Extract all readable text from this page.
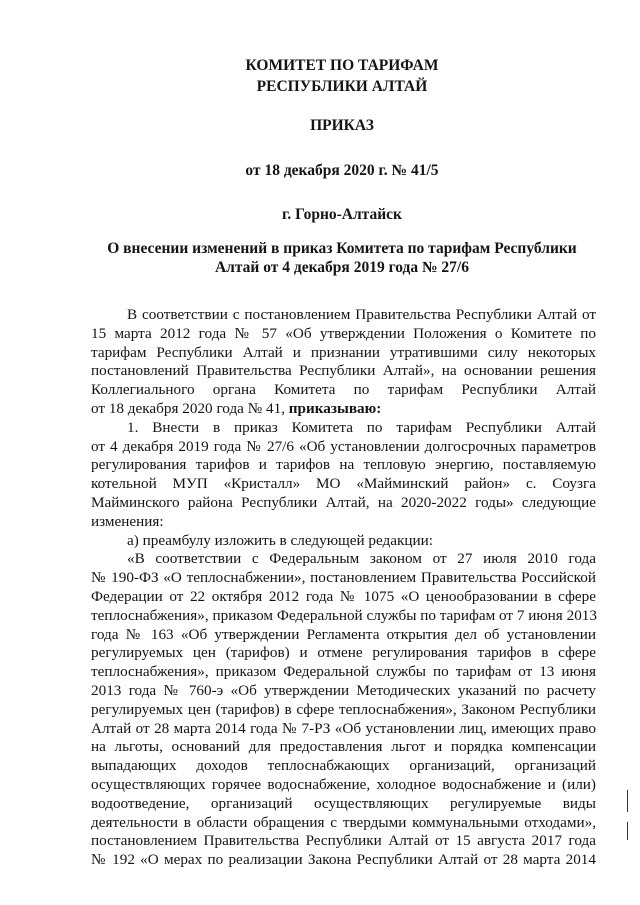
КОМИТЕТ ПО ТАРИФАМ
РЕСПУБЛИКИ АЛТАЙ
ПРИКАЗ
от 18 декабря 2020 г. № 41/5
г. Горно-Алтайск
О внесении изменений в приказ Комитета по тарифам Республики
Алтай от 4 декабря 2019 года № 27/6
В соответствии с постановлением Правительства Республики Алтай от
15 марта 2012 года № 57 «Об утверждении Положения о Комитете по
тарифам Республики Алтай и признании утратившими силу некоторых
постановлений Правительства Республики Алтай», на основании решения
Коллегиального органа Комитета по тарифам Республики Алтай
от 18 декабря 2020 года № 41, приказываю:
1. Внести в приказ Комитета по тарифам Республики Алтай
от 4 декабря 2019 года № 27/6 «Об установлении долгосрочных параметров
регулирования тарифов и тарифов на тепловую энергию, поставляемую
котельной МУП «Кристалл» МО «Майминский район» с. Соузга
Майминского района Республики Алтай, на 2020-2022 годы» следующие
изменения:
а) преамбулу изложить в следующей редакции:
«В соответствии с Федеральным законом от 27 июля 2010 года
№ 190-ФЗ «О теплоснабжении», постановлением Правительства Российской
Федерации от 22 октября 2012 года № 1075 «О ценообразовании в сфере
теплоснабжения», приказом Федеральной службы по тарифам от 7 июня 2013
года № 163 «Об утверждении Регламента открытия дел об установлении
регулируемых цен (тарифов) и отмене регулирования тарифов в сфере
теплоснабжения», приказом Федеральной службы по тарифам от 13 июня
2013 года № 760-э «Об утверждении Методических указаний по расчету
регулируемых цен (тарифов) в сфере теплоснабжения», Законом Республики
Алтай от 28 марта 2014 года № 7-РЗ «Об установлении лиц, имеющих право
на льготы, оснований для предоставления льгот и порядка компенсации
выпадающих доходов теплоснабжающих организаций, организаций
осуществляющих горячее водоснабжение, холодное водоснабжение и (или)
водоотведение, организаций осуществляющих регулируемые виды
деятельности в области обращения с твердыми коммунальными отходами»,
постановлением Правительства Республики Алтай от 15 августа 2017 года
№ 192 «О мерах по реализации Закона Республики Алтай от 28 марта 2014
